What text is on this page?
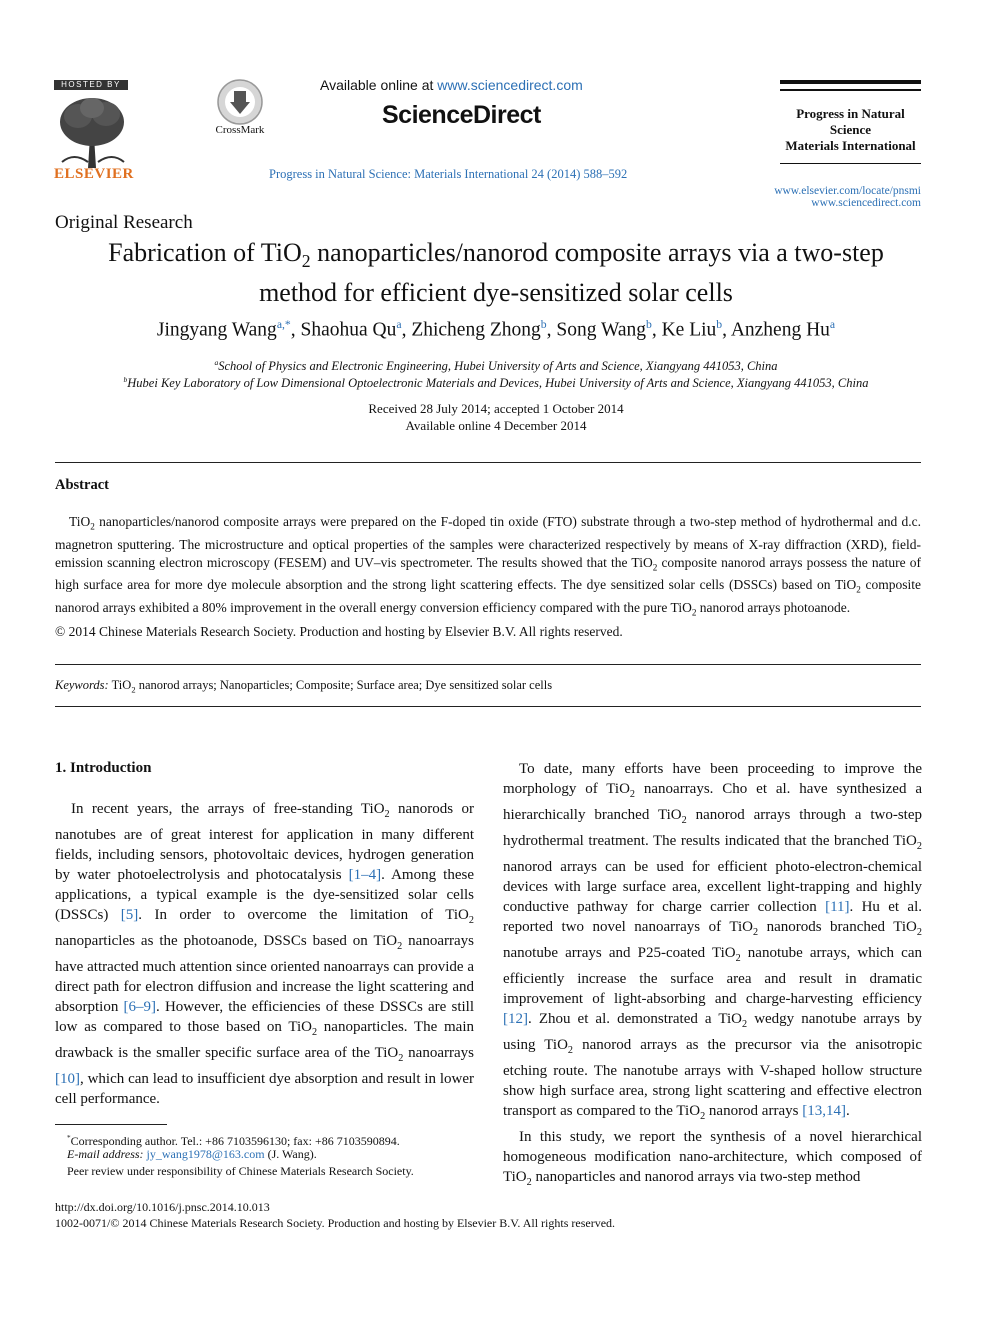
HOSTED BY
ELSEVIER
CrossMark
Available online at www.sciencedirect.com
ScienceDirect
Progress in Natural Science: Materials International 24 (2014) 588–592
Progress in Natural
Science
Materials International
www.elsevier.com/locate/pnsmi
www.sciencedirect.com
Original Research
Fabrication of TiO$_2$ nanoparticles/nanorod composite arrays via a two-step
method for efficient dye-sensitized solar cells
Jingyang Wang$^{a,*}$, Shaohua Qu$^a$, Zhicheng Zhong$^b$, Song Wang$^b$, Ke Liu$^b$, Anzheng Hu$^a$
$^a$School of Physics and Electronic Engineering, Hubei University of Arts and Science, Xiangyang 441053, China
$^b$Hubei Key Laboratory of Low Dimensional Optoelectronic Materials and Devices, Hubei University of Arts and Science, Xiangyang 441053, China
Received 28 July 2014; accepted 1 October 2014
Available online 4 December 2014
Abstract
TiO$_2$ nanoparticles/nanorod composite arrays were prepared on the F-doped tin oxide (FTO) substrate through a two-step method of hydrothermal and d.c. magnetron sputtering. The microstructure and optical properties of the samples were characterized respectively by means of X-ray diffraction (XRD), field-emission scanning electron microscopy (FESEM) and UV–vis spectrometer. The results showed that the TiO$_2$ composite nanorod arrays possess the nature of high surface area for more dye molecule absorption and the strong light scattering effects. The dye sensitized solar cells (DSSCs) based on TiO$_2$ composite nanorod arrays exhibited a 80% improvement in the overall energy conversion efficiency compared with the pure TiO$_2$ nanorod arrays photoanode.
© 2014 Chinese Materials Research Society. Production and hosting by Elsevier B.V. All rights reserved.
Keywords: TiO$_2$ nanorod arrays; Nanoparticles; Composite; Surface area; Dye sensitized solar cells
1. Introduction

In recent years, the arrays of free-standing TiO$_2$ nanorods or nanotubes are of great interest for application in many different fields, including sensors, photovoltaic devices, hydrogen generation by water photoelectrolysis and photocatalysis [1–4]. Among these applications, a typical example is the dye-sensitized solar cells (DSSCs) [5]. In order to overcome the limitation of TiO$_2$ nanoparticles as the photoanode, DSSCs based on TiO$_2$ nanoarrays have attracted much attention since oriented nanoarrays can provide a direct path for electron diffusion and increase the light scattering and absorption [6–9]. However, the efficiencies of these DSSCs are still low as compared to those based on TiO$_2$ nanoparticles. The main drawback is the smaller specific surface area of the TiO$_2$ nanoarrays [10], which can lead to insufficient dye absorption and result in lower cell performance.

To date, many efforts have been proceeding to improve the morphology of TiO$_2$ nanoarrays. Cho et al. have synthesized a hierarchically branched TiO$_2$ nanorod arrays through a two-step hydrothermal treatment. The results indicated that the branched TiO$_2$ nanorod arrays can be used for efficient photo-electron-chemical devices with large surface area, excellent light-trapping and highly conductive pathway for charge carrier collection [11]. Hu et al. reported two novel nanoarrays of TiO$_2$ nanorods branched TiO$_2$ nanotube arrays and P25-coated TiO$_2$ nanotube arrays, which can efficiently increase the surface area and result in dramatic improvement of light-absorbing and charge-harvesting efficiency [12]. Zhou et al. demonstrated a TiO$_2$ wedgy nanotube arrays by using TiO$_2$ nanorod arrays as the precursor via the anisotropic etching route. The nanotube arrays with V-shaped hollow structure show high surface area, strong light scattering and effective electron transport as compared to the TiO$_2$ nanorod arrays [13,14].

In this study, we report the synthesis of a novel hierarchical homogeneous modification nano-architecture, which composed of TiO$_2$ nanoparticles and nanorod arrays via two-step method

*Corresponding author. Tel.: +86 7103596130; fax: +86 7103590894.
E-mail address: jy_wang1978@163.com (J. Wang).
Peer review under responsibility of Chinese Materials Research Society.
http://dx.doi.org/10.1016/j.pnsc.2014.10.013
1002-0071/© 2014 Chinese Materials Research Society. Production and hosting by Elsevier B.V. All rights reserved.
